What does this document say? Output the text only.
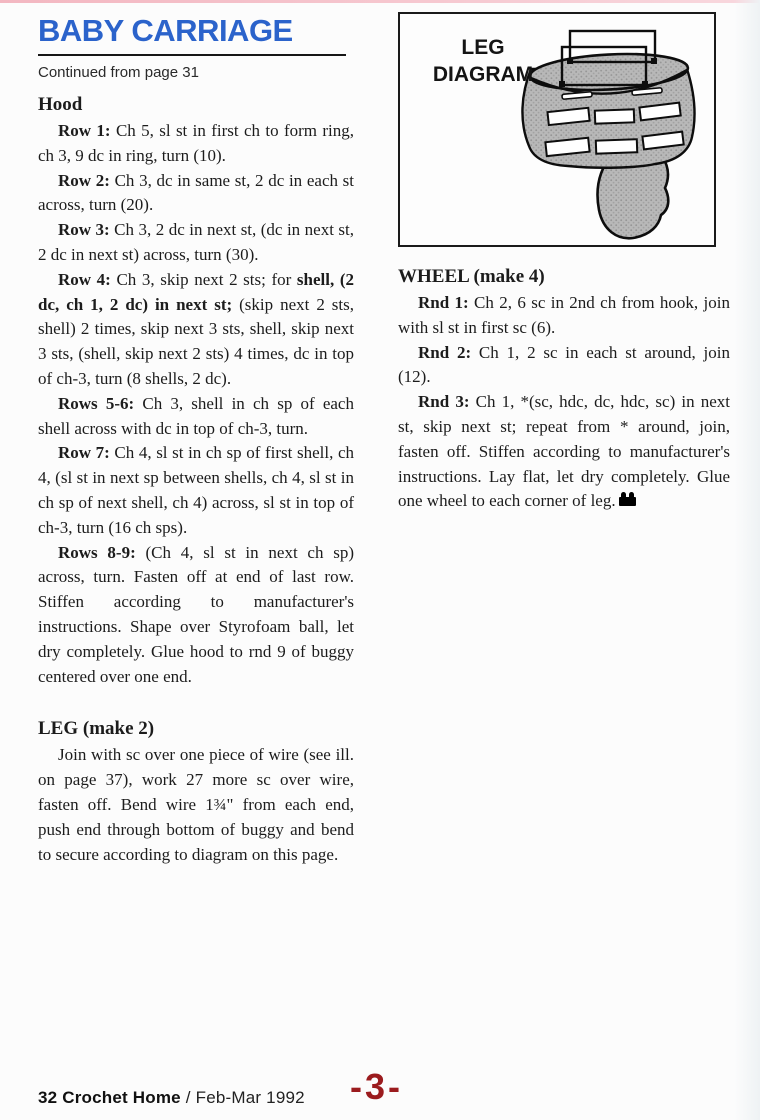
BABY CARRIAGE
Continued from page 31
Hood

Row 1: Ch 5, sl st in first ch to form ring, ch 3, 9 dc in ring, turn (10).

Row 2: Ch 3, dc in same st, 2 dc in each st across, turn (20).

Row 3: Ch 3, 2 dc in next st, (dc in next st, 2 dc in next st) across, turn (30).

Row 4: Ch 3, skip next 2 sts; for shell, (2 dc, ch 1, 2 dc) in next st; (skip next 2 sts, shell) 2 times, skip next 3 sts, shell, skip next 3 sts, (shell, skip next 2 sts) 4 times, dc in top of ch-3, turn (8 shells, 2 dc).

Rows 5-6: Ch 3, shell in ch sp of each shell across with dc in top of ch-3, turn.

Row 7: Ch 4, sl st in ch sp of first shell, ch 4, (sl st in next sp between shells, ch 4, sl st in ch sp of next shell, ch 4) across, sl st in top of ch-3, turn (16 ch sps).

Rows 8-9: (Ch 4, sl st in next ch sp) across, turn. Fasten off at end of last row. Stiffen according to manufacturer's instructions. Shape over Styrofoam ball, let dry completely. Glue hood to rnd 9 of buggy centered over one end.

LEG (make 2)

Join with sc over one piece of wire (see ill. on page 37), work 27 more sc over wire, fasten off. Bend wire 1¾" from each end, push end through bottom of buggy and bend to secure according to diagram on this page.

LEG
DIAGRAM
WHEEL (make 4)

Rnd 1: Ch 2, 6 sc in 2nd ch from hook, join with sl st in first sc (6).

Rnd 2: Ch 1, 2 sc in each st around, join (12).

Rnd 3: Ch 1, *(sc, hdc, dc, hdc, sc) in next st, skip next st; repeat from * around, join, fasten off. Stiffen according to manufacturer's instructions. Lay flat, let dry completely. Glue one wheel to each corner of leg.

32 Crochet Home / Feb-Mar 1992 -3-
